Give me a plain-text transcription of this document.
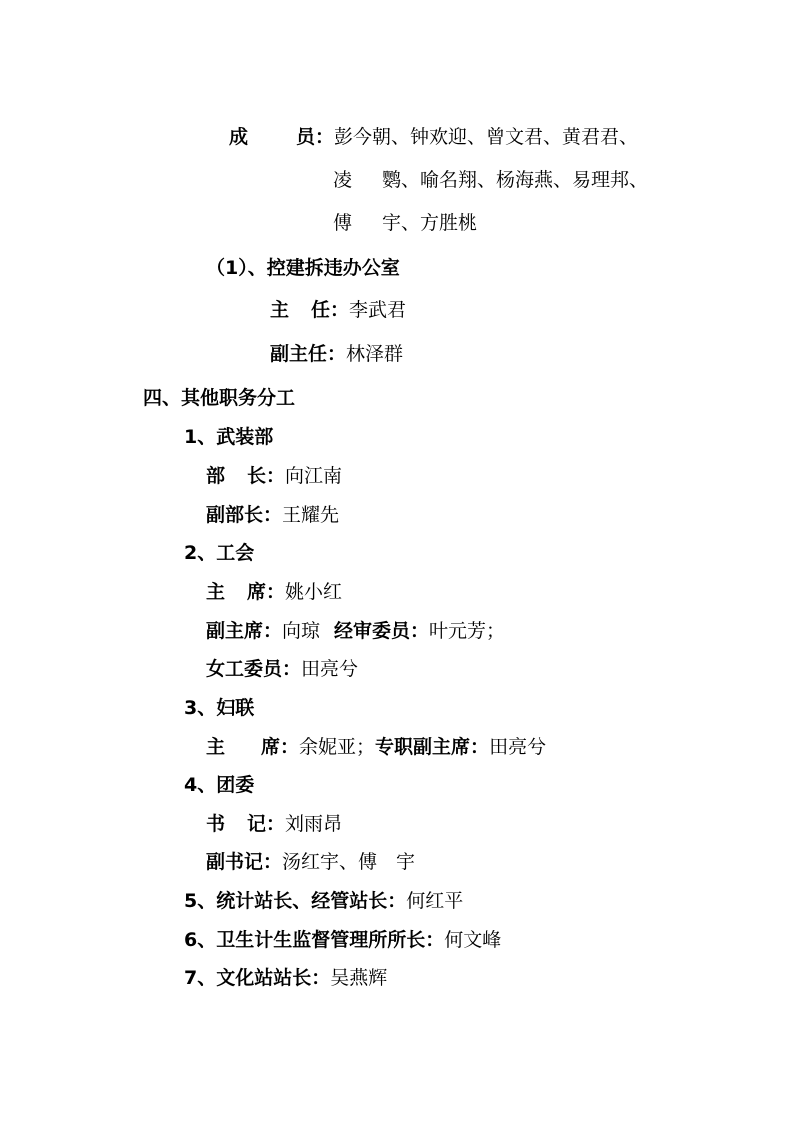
成	员：彭今朝、钟欢迎、曾文君、黄君君、
凌 鹦、喻名翔、杨海燕、易理邦、
傅 宇、方胜桃
（1）、控建拆违办公室
主 任：李武君
副主任：林泽群
四、其他职务分工
1、武装部
部 长：向江南
副部长：王耀先
2、工会
主 席：姚小红
副主席：向琼 经审委员：叶元芳；
女工委员：田亮兮
3、妇联
主 席：余妮亚；专职副主席：田亮兮
4、团委
书 记：刘雨昂
副书记：汤红宇、傅　宇
5、统计站长、经管站长：何红平
6、卫生计生监督管理所所长：何文峰
7、文化站站长：吴燕辉
